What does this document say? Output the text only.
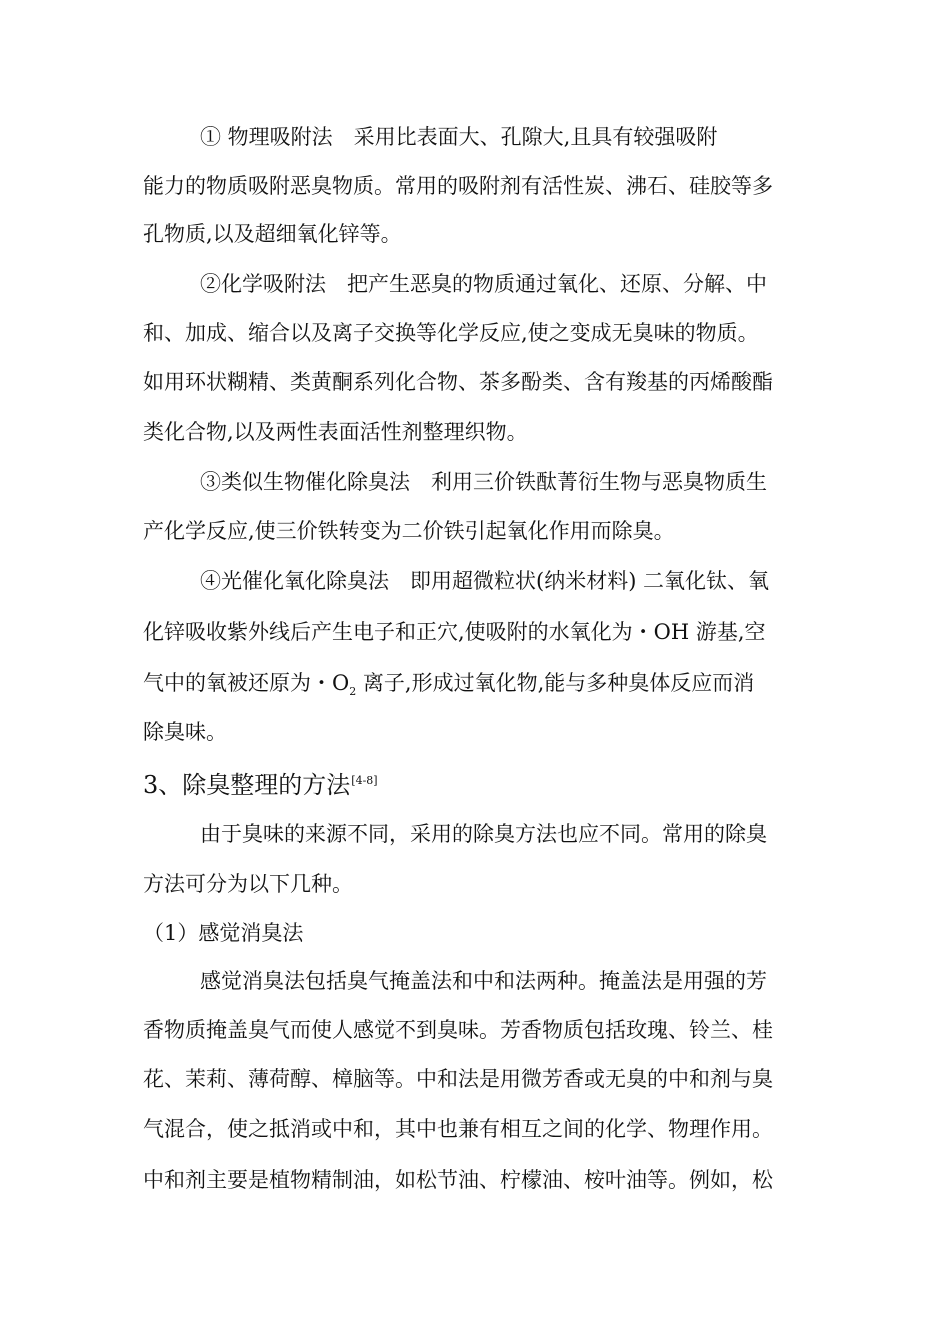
① 物理吸附法　采用比表面大、孔隙大,且具有较强吸附
能力的物质吸附恶臭物质。常用的吸附剂有活性炭、沸石、硅胶等多
孔物质,以及超细氧化锌等。
②化学吸附法　把产生恶臭的物质通过氧化、还原、分解、中
和、加成、缩合以及离子交换等化学反应,使之变成无臭味的物质。
如用环状糊精、类黄酮系列化合物、茶多酚类、含有羧基的丙烯酸酯
类化合物,以及两性表面活性剂整理织物。
③类似生物催化除臭法　利用三价铁酞菁衍生物与恶臭物质生
产化学反应,使三价铁转变为二价铁引起氧化作用而除臭。
④光催化氧化除臭法　即用超微粒状(纳米材料) 二氧化钛、氧
化锌吸收紫外线后产生电子和正穴,使吸附的水氧化为・OH 游基,空
气中的氧被还原为・$O_2$ 离子,形成过氧化物,能与多种臭体反应而消
除臭味。
3、除臭整理的方法[4-8]
由于臭味的来源不同，采用的除臭方法也应不同。常用的除臭
方法可分为以下几种。
（1）感觉消臭法
感觉消臭法包括臭气掩盖法和中和法两种。掩盖法是用强的芳
香物质掩盖臭气而使人感觉不到臭味。芳香物质包括玫瑰、铃兰、桂
花、茉莉、薄荷醇、樟脑等。中和法是用微芳香或无臭的中和剂与臭
气混合，使之抵消或中和，其中也兼有相互之间的化学、物理作用。
中和剂主要是植物精制油，如松节油、柠檬油、桉叶油等。例如，松
